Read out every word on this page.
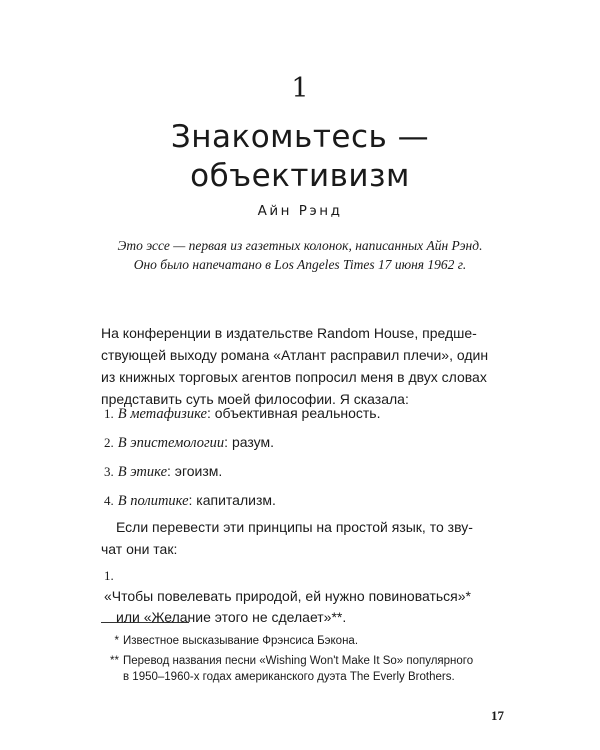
1
Знакомьтесь —
объективизм
Айн Рэнд
Это эссе — первая из газетных колонок, написанных Айн Рэнд.
Оно было напечатано в Los Angeles Times 17 июня 1962 г.
На конференции в издательстве Random House, предше-
ствующей выходу романа «Атлант расправил плечи», один
из книжных торговых агентов попросил меня в двух словах
представить суть моей философии. Я сказала:
1. В метафизике: объективная реальность.
2. В эпистемологии: разум.
3. В этике: эгоизм.
4. В политике: капитализм.
Если перевести эти принципы на простой язык, то зву-
чат они так:
1.
«Чтобы повелевать природой, ей нужно повиноваться»*
или «Желание этого не сделает»**.
* Известное высказывание Фрэнсиса Бэкона.
** Перевод названия песни «Wishing Won't Make It So» популярного
в 1950–1960-х годах американского дуэта The Everly Brothers.
17
